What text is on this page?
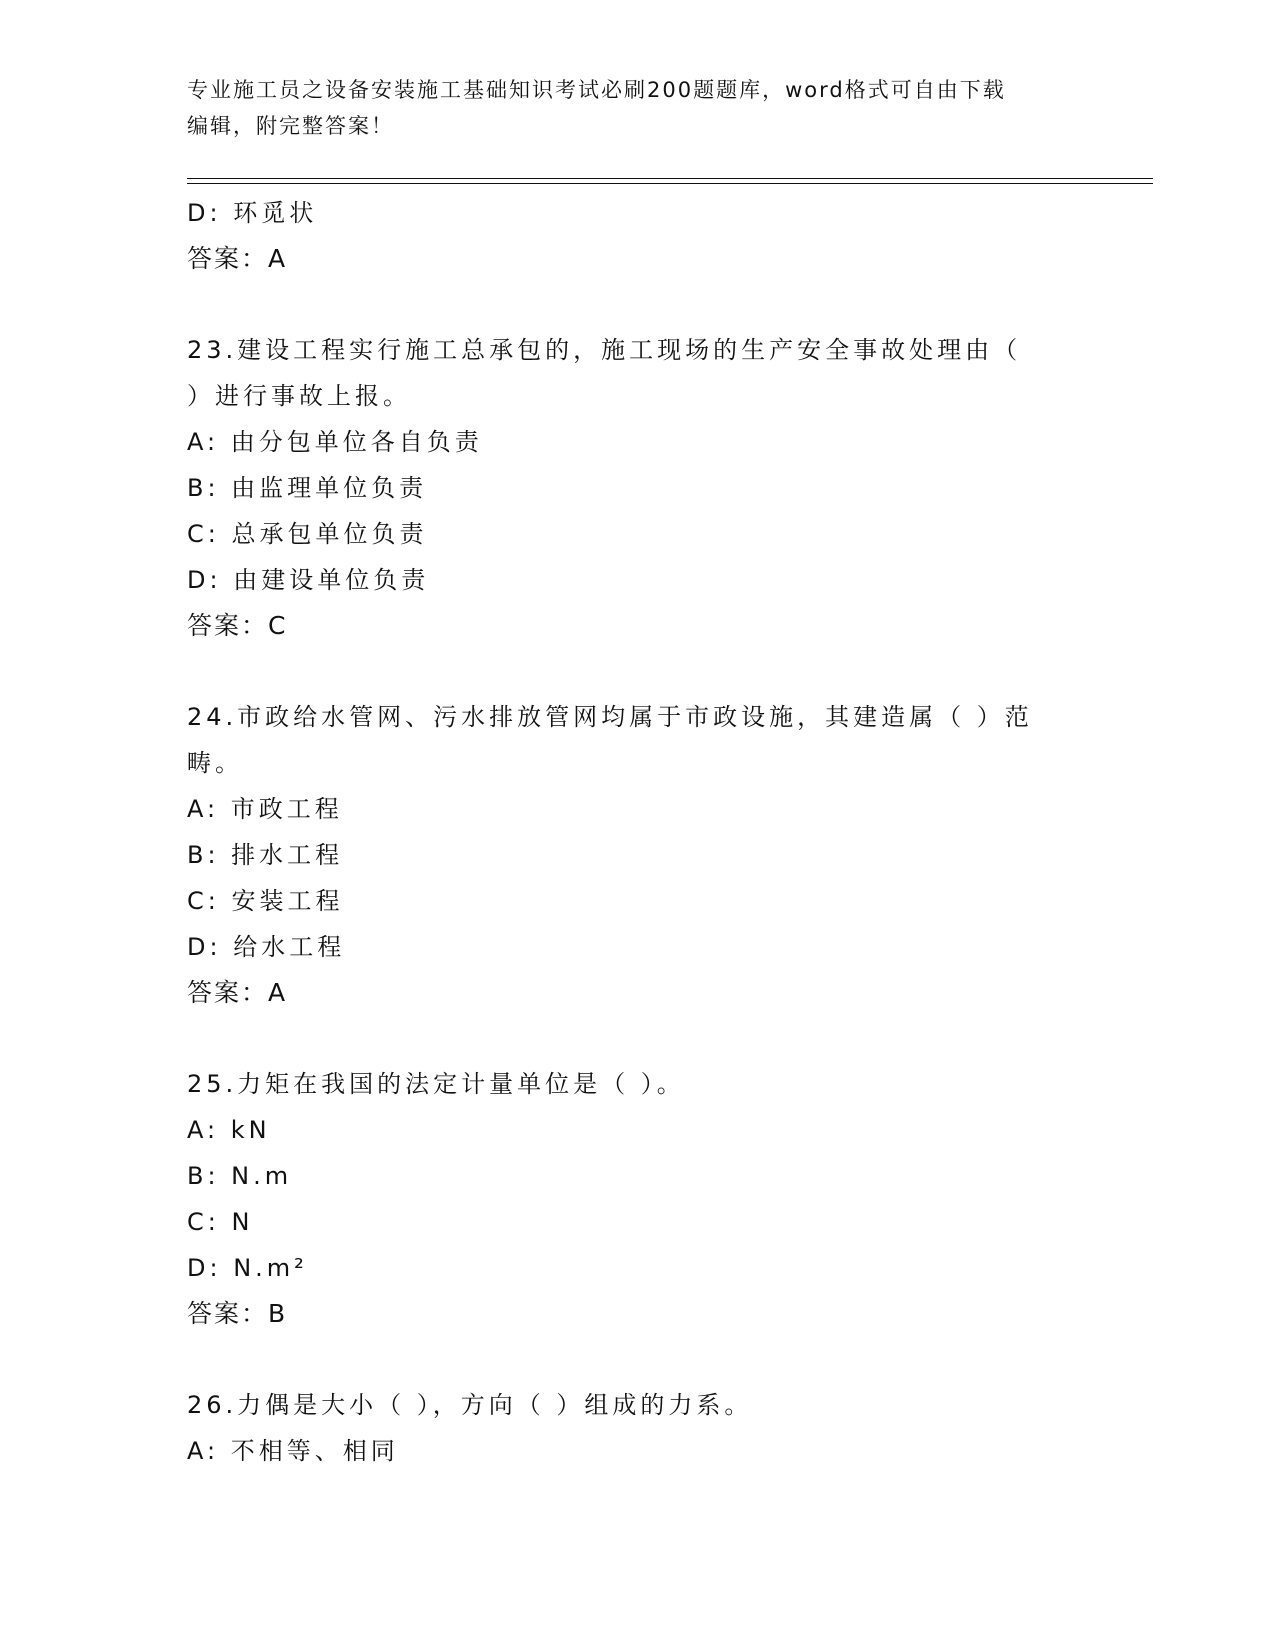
专业施工员之设备安装施工基础知识考试必刷200题题库，word格式可自由下载
编辑，附完整答案！
D: 环觅状
答案：A
23.建设工程实行施工总承包的，施工现场的生产安全事故处理由（
）进行事故上报。
A: 由分包单位各自负责
B: 由监理单位负责
C: 总承包单位负责
D: 由建设单位负责
答案：C
24.市政给水管网、污水排放管网均属于市政设施，其建造属（ ）范
畴。
A: 市政工程
B: 排水工程
C: 安装工程
D: 给水工程
答案：A
25.力矩在我国的法定计量单位是（ ）。
A: kN
B: N.m
C: N
D: N.m²
答案：B
26.力偶是大小（ ），方向（ ）组成的力系。
A: 不相等、相同
